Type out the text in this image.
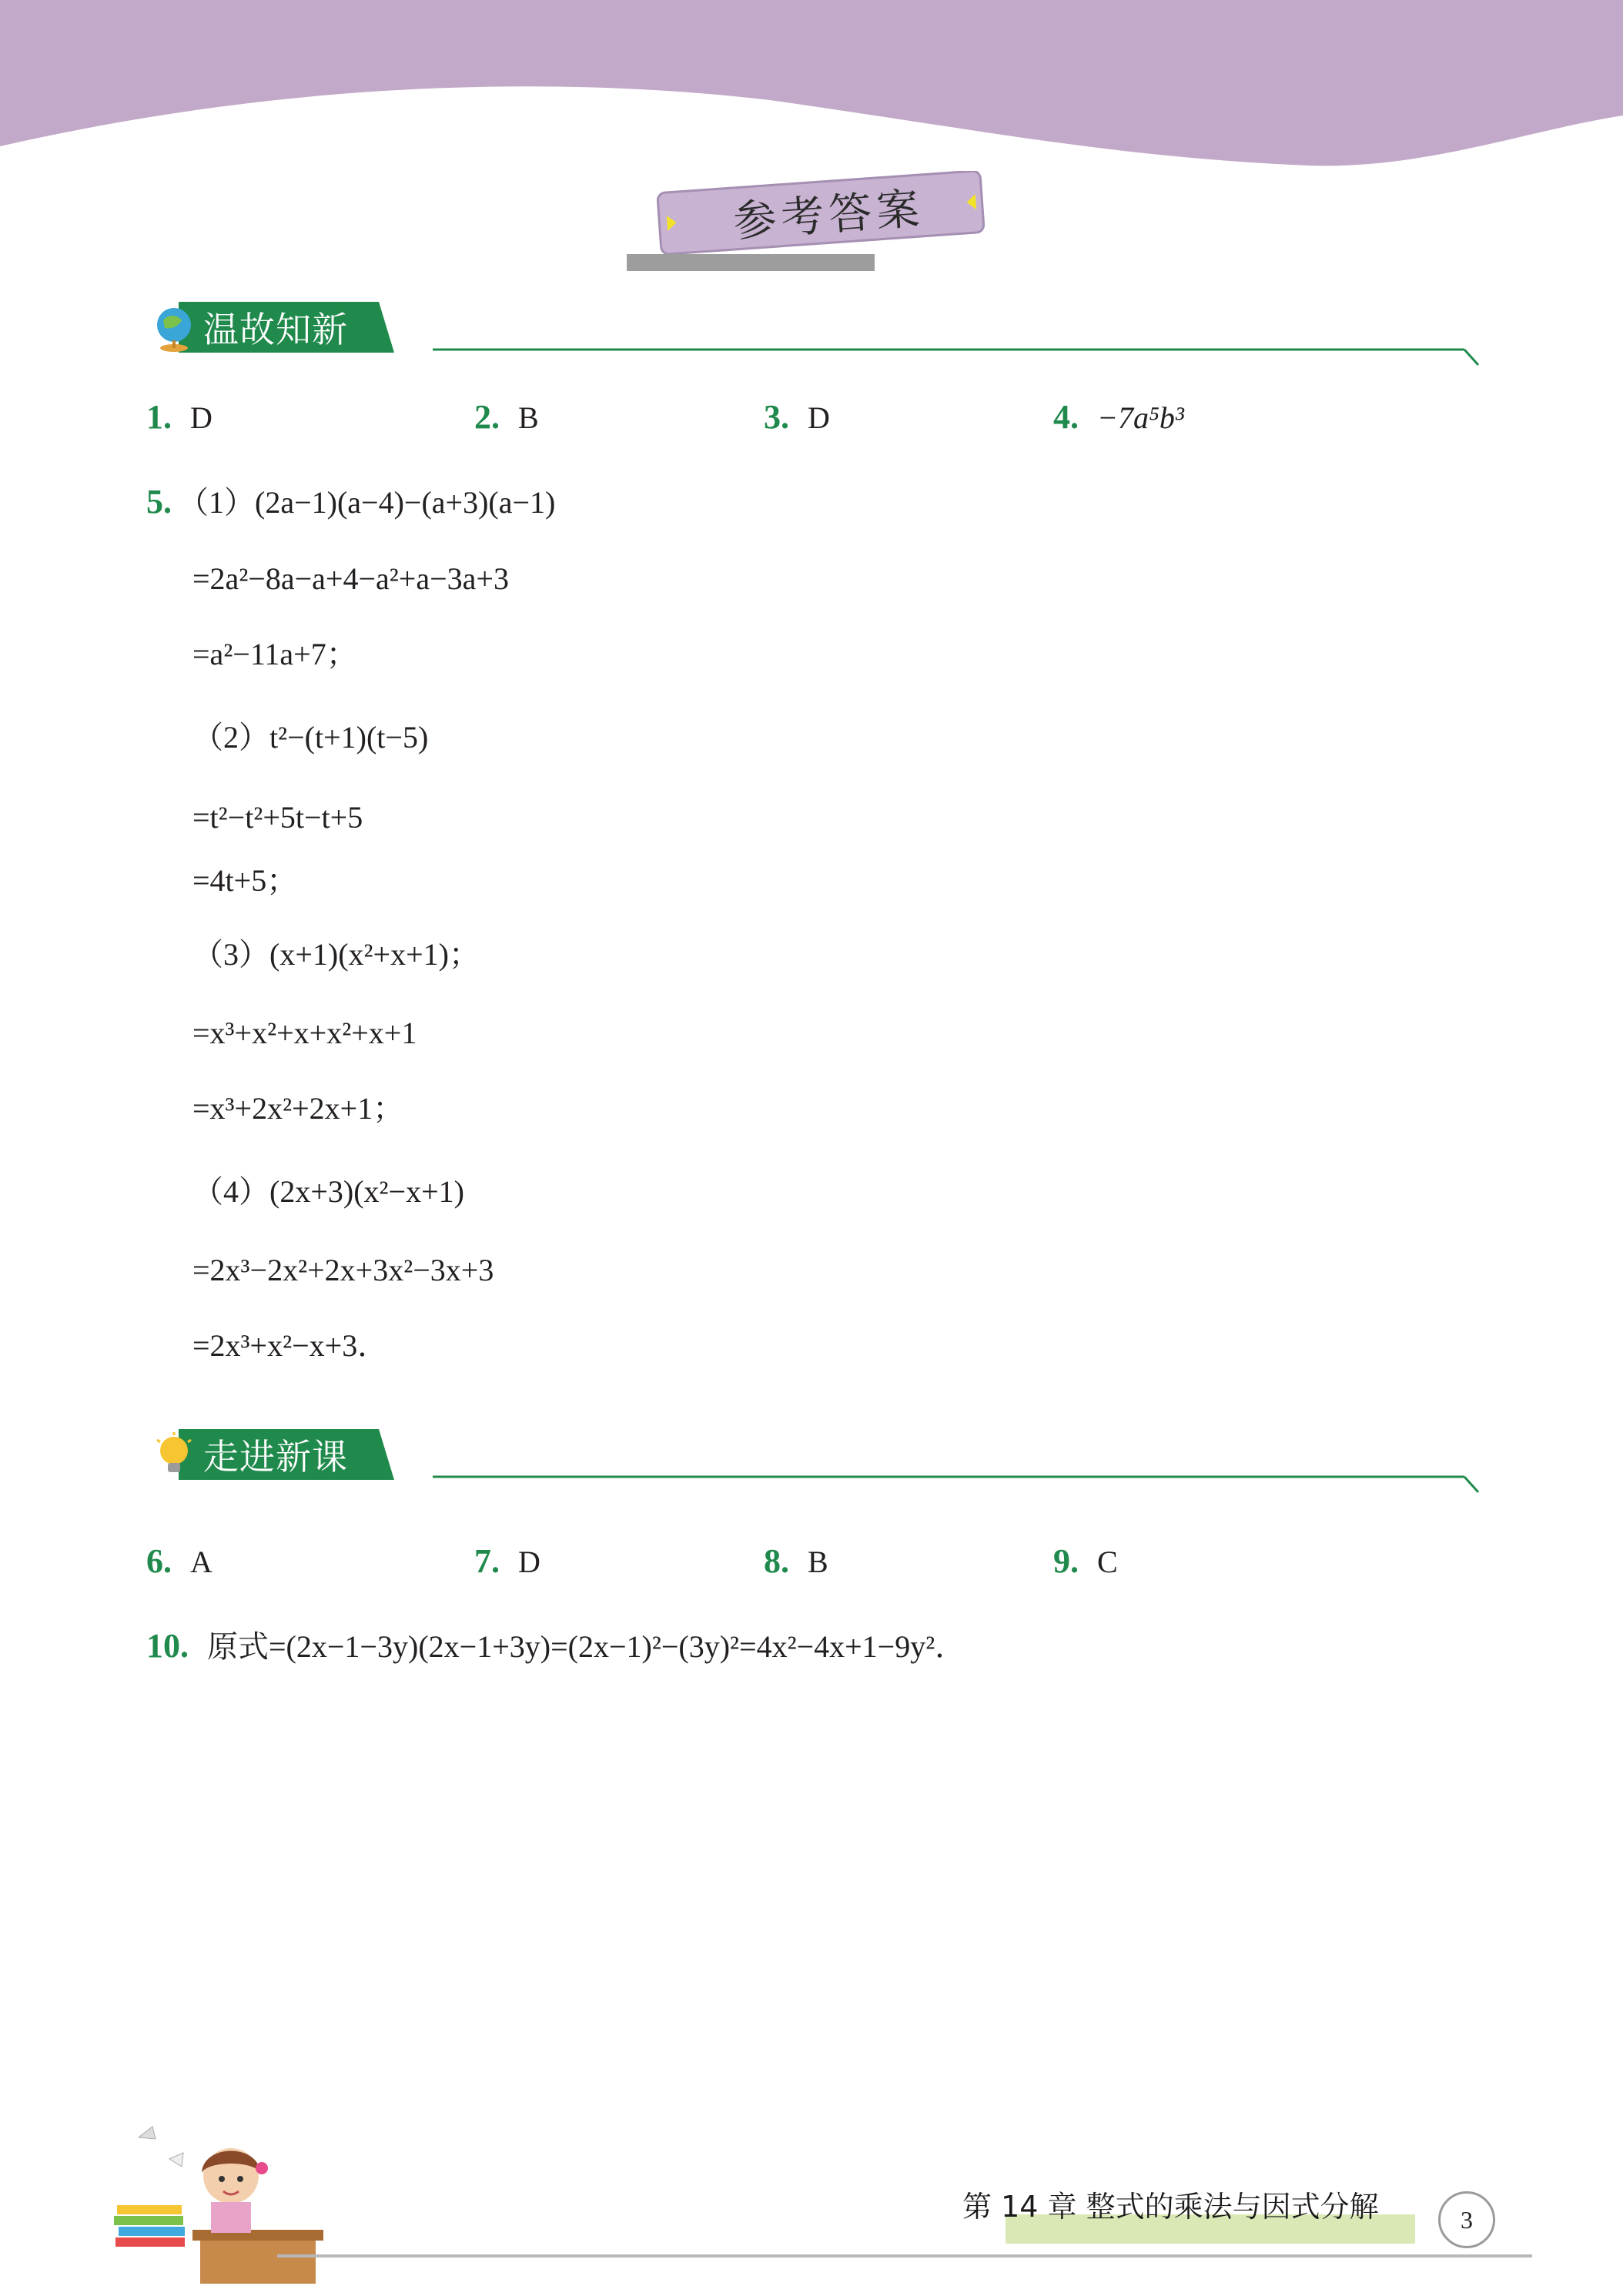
参考答案
温故知新
1. D	2. B	3. D	4. −7a⁵b³
5. （1）(2a−1)(a−4)−(a+3)(a−1)
=2a²−8a−a+4−a²+a−3a+3
=a²−11a+7；
（2）t²−(t+1)(t−5)
=t²−t²+5t−t+5
=4t+5；
（3）(x+1)(x²+x+1)；
=x³+x²+x+x²+x+1
=x³+2x²+2x+1；
（4）(2x+3)(x²−x+1)
=2x³−2x²+2x+3x²−3x+3
=2x³+x²−x+3．
走进新课
6. A	7. D	8. B	9. C
10. 原式=(2x−1−3y)(2x−1+3y)=(2x−1)²−(3y)²=4x²−4x+1−9y²．
第 14 章 整式的乘法与因式分解	3
